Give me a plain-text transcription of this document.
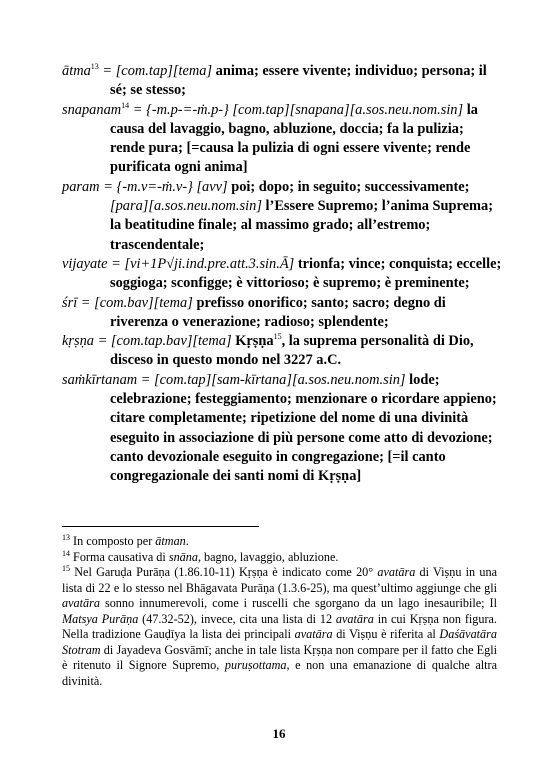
ātma$^{13}$ = [com.tap][tema] anima; essere vivente; individuo; persona; il sé; se stesso;

snapanam$^{14}$ = {-m.p-=-ṁ.p-} [com.tap][snapana][a.sos.neu.nom.sin] la causa del lavaggio, bagno, abluzione, doccia; fa la pulizia; rende pura; [=causa la pulizia di ogni essere vivente; rende purificata ogni anima]

param = {-m.v=-ṁ.v-} [avv] poi; dopo; in seguito; successivamente; [para][a.sos.neu.nom.sin] l’Essere Supremo; l’anima Suprema; la beatitudine finale; al massimo grado; all’estremo; trascendentale;

vijayate = [vi+1P√ji.ind.pre.att.3.sin.Ā] trionfa; vince; conquista; eccelle; soggioga; sconfigge; è vittorioso; è supremo; è preminente;

śrī = [com.bav][tema] prefisso onorifico; santo; sacro; degno di riverenza o venerazione; radioso; splendente;

kṛṣṇa = [com.tap.bav][tema] Kṛṣṇa$^{15}$, la suprema personalità di Dio, disceso in questo mondo nel 3227 a.C.

saṁkīrtanam = [com.tap][sam-kīrtana][a.sos.neu.nom.sin] lode; celebrazione; festeggiamento; menzionare o ricordare appieno; citare completamente; ripetizione del nome di una divinità eseguito in associazione di più persone come atto di devozione; canto devozionale eseguito in congregazione; [=il canto congregazionale dei santi nomi di Kṛṣṇa]

$^{13}$ In composto per ātman.

$^{14}$ Forma causativa di snāna, bagno, lavaggio, abluzione.

$^{15}$ Nel Garuḍa Purāṇa (1.86.10-11) Kṛṣṇa è indicato come 20° avatāra di Viṣṇu in una lista di 22 e lo stesso nel Bhāgavata Purāṇa (1.3.6-25), ma quest’ultimo aggiunge che gli avatāra sonno innumerevoli, come i ruscelli che sgorgano da un lago inesauribile; Il Matsya Purāṇa (47.32-52), invece, cita una lista di 12 avatāra in cui Kṛṣṇa non figura. Nella tradizione Gauḍīya la lista dei principali avatāra di Viṣṇu è riferita al Daśāvatāra Stotram di Jayadeva Gosvāmī; anche in tale lista Kṛṣṇa non compare per il fatto che Egli è ritenuto il Signore Supremo, puruṣottama, e non una emanazione di qualche altra divinità.

16
